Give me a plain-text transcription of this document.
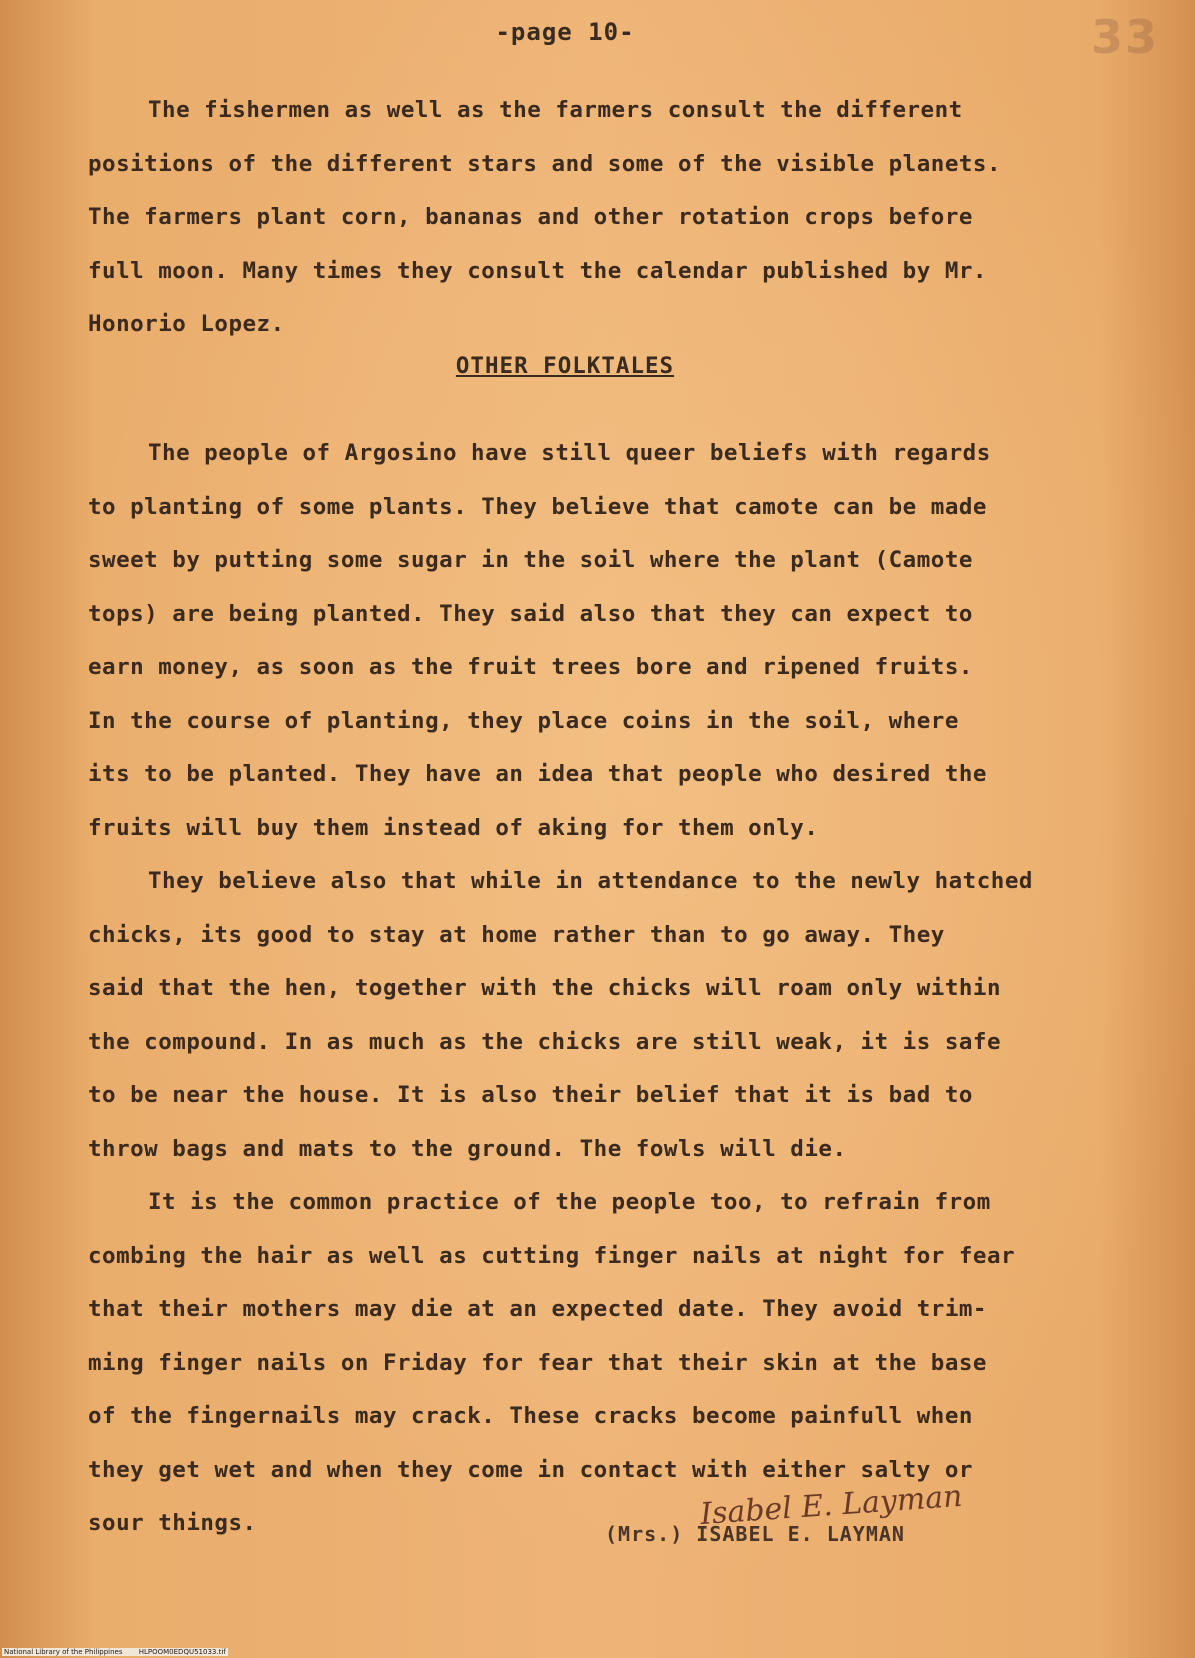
-page 10-	33
The fishermen as well as the farmers consult the different
positions of the different stars and some of the visible planets.
The farmers plant corn, bananas and other rotation crops before
full moon. Many times they consult the calendar published by Mr.
Honorio Lopez.
OTHER FOLKTALES
The people of Argosino have still queer beliefs with regards
to planting of some plants. They believe that camote can be made
sweet by putting some sugar in the soil where the plant (Camote
tops) are being planted. They said also that they can expect to
earn money, as soon as the fruit trees bore and ripened fruits.
In the course of planting, they place coins in the soil, where
its to be planted. They have an idea that people who desired the
fruits will buy them instead of aking for them only.
They believe also that while in attendance to the newly hatched
chicks, its good to stay at home rather than to go away. They
said that the hen, together with the chicks will roam only within
the compound. In as much as the chicks are still weak, it is safe
to be near the house. It is also their belief that it is bad to
throw bags and mats to the ground. The fowls will die.
It is the common practice of the people too, to refrain from
combing the hair as well as cutting finger nails at night for fear
that their mothers may die at an expected date. They avoid trim-
ming finger nails on Friday for fear that their skin at the base
of the fingernails may crack. These cracks become painfull when
they get wet and when they come in contact with either salty or
sour things.	Isabel E. Layman
(Mrs.) ISABEL E. LAYMAN
National Library of the Philippines HLPOOM0EDQU51033.tif
